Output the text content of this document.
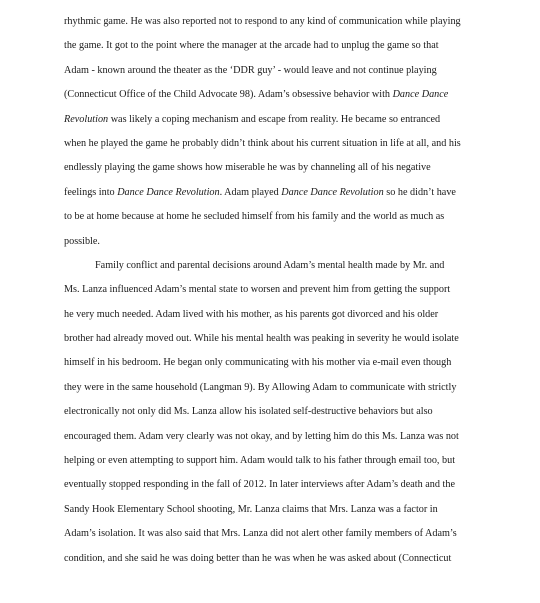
rhythmic game. He was also reported not to respond to any kind of communication while playing
the game. It got to the point where the manager at the arcade had to unplug the game so that
Adam - known around the theater as the ‘DDR guy’ - would leave and not continue playing
(Connecticut Office of the Child Advocate 98). Adam’s obsessive behavior with Dance Dance
Revolution was likely a coping mechanism and escape from reality. He became so entranced
when he played the game he probably didn’t think about his current situation in life at all, and his
endlessly playing the game shows how miserable he was by channeling all of his negative
feelings into Dance Dance Revolution. Adam played Dance Dance Revolution so he didn’t have
to be at home because at home he secluded himself from his family and the world as much as
possible.
Family conflict and parental decisions around Adam’s mental health made by Mr. and
Ms. Lanza influenced Adam’s mental state to worsen and prevent him from getting the support
he very much needed. Adam lived with his mother, as his parents got divorced and his older
brother had already moved out. While his mental health was peaking in severity he would isolate
himself in his bedroom. He began only communicating with his mother via e-mail even though
they were in the same household (Langman 9). By Allowing Adam to communicate with strictly
electronically not only did Ms. Lanza allow his isolated self-destructive behaviors but also
encouraged them. Adam very clearly was not okay, and by letting him do this Ms. Lanza was not
helping or even attempting to support him. Adam would talk to his father through email too, but
eventually stopped responding in the fall of 2012. In later interviews after Adam’s death and the
Sandy Hook Elementary School shooting, Mr. Lanza claims that Mrs. Lanza was a factor in
Adam’s isolation. It was also said that Mrs. Lanza did not alert other family members of Adam’s
condition, and she said he was doing better than he was when he was asked about (Connecticut
